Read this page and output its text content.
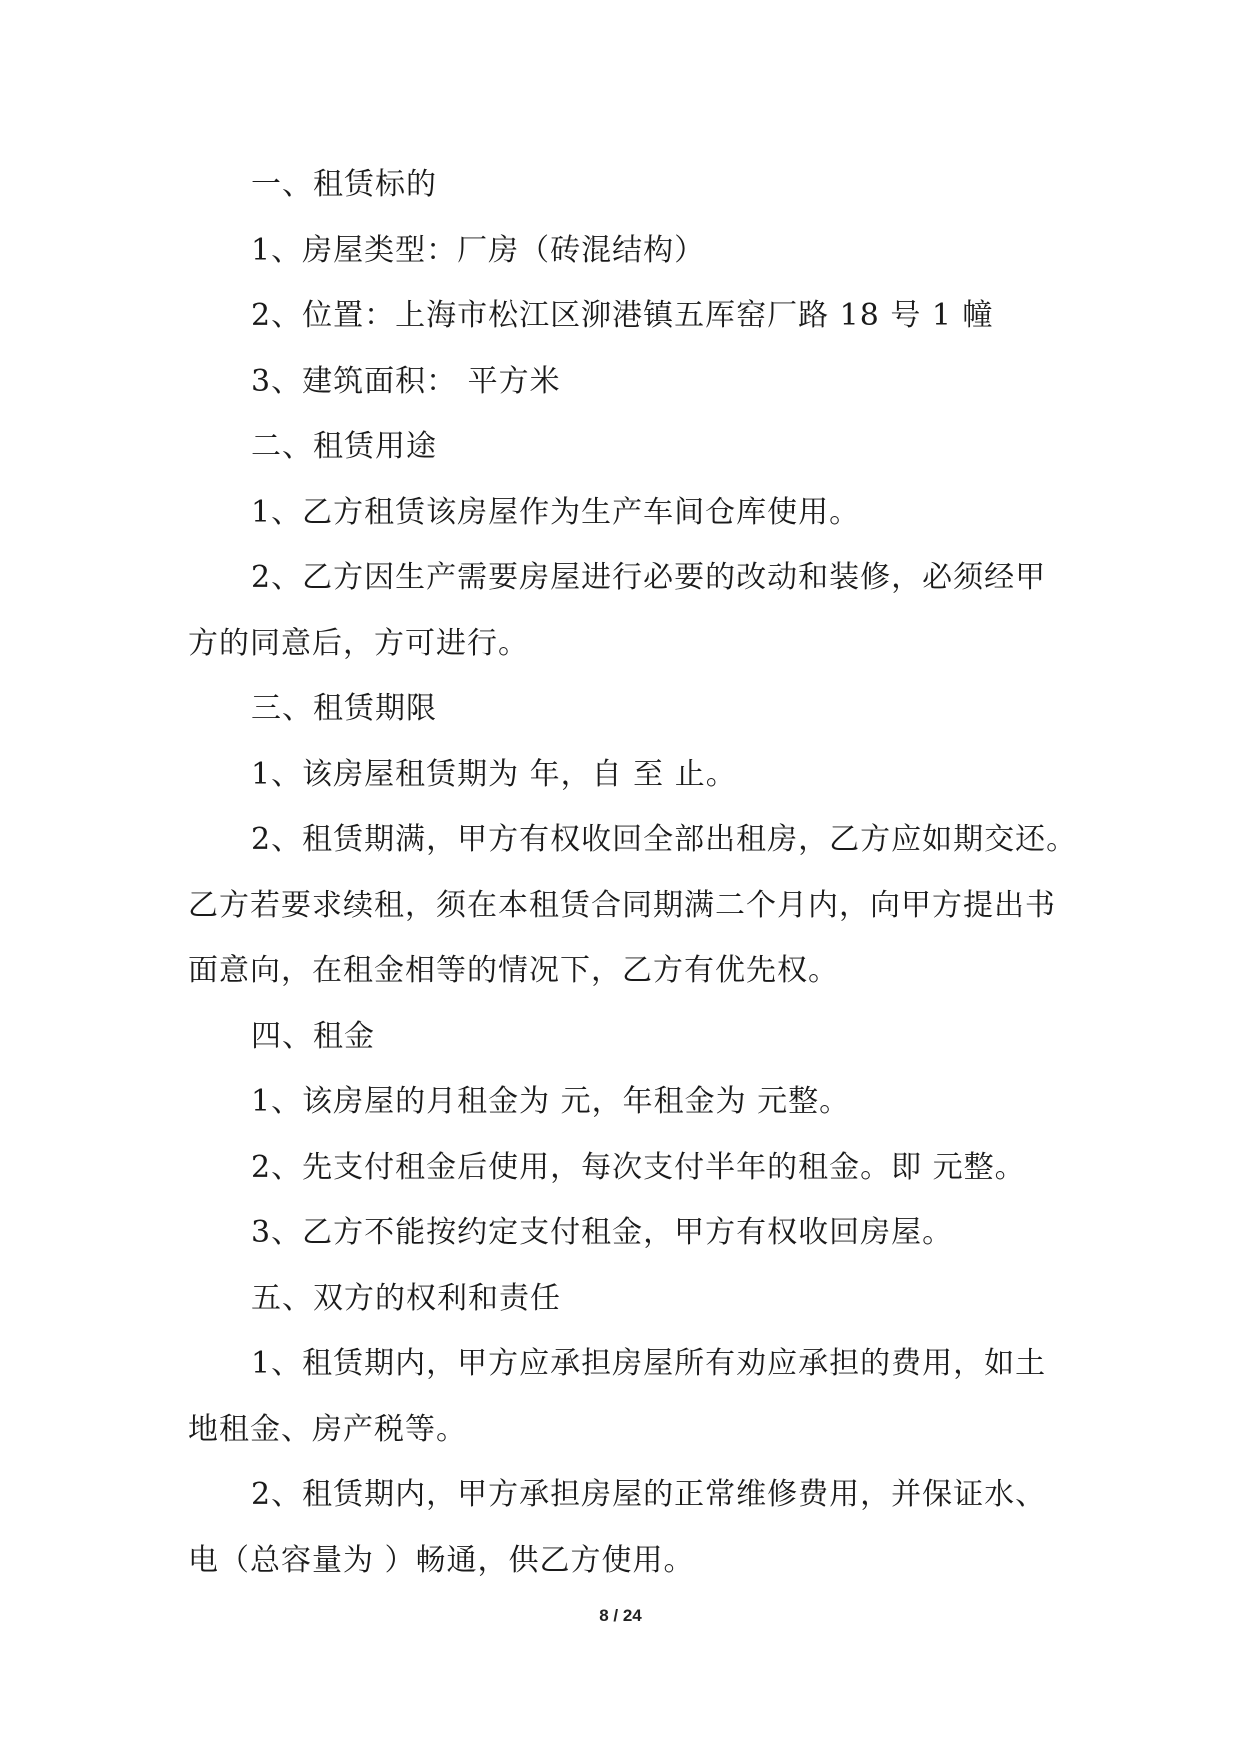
一、租赁标的
1、房屋类型：厂房（砖混结构）
2、位置：上海市松江区泖港镇五厍窑厂路 18 号 1 幢
3、建筑面积： 平方米
二、租赁用途
1、乙方租赁该房屋作为生产车间仓库使用。
2、乙方因生产需要房屋进行必要的改动和装修，必须经甲
方的同意后，方可进行。
三、租赁期限
1、该房屋租赁期为 年，自 至 止。
2、租赁期满，甲方有权收回全部出租房，乙方应如期交还。
乙方若要求续租，须在本租赁合同期满二个月内，向甲方提出书
面意向，在租金相等的情况下，乙方有优先权。
四、租金
1、该房屋的月租金为 元，年租金为 元整。
2、先支付租金后使用，每次支付半年的租金。即 元整。
3、乙方不能按约定支付租金，甲方有权收回房屋。
五、双方的权利和责任
1、租赁期内，甲方应承担房屋所有劝应承担的费用，如土
地租金、房产税等。
2、租赁期内，甲方承担房屋的正常维修费用，并保证水、
电（总容量为 ）畅通，供乙方使用。
8 / 24
